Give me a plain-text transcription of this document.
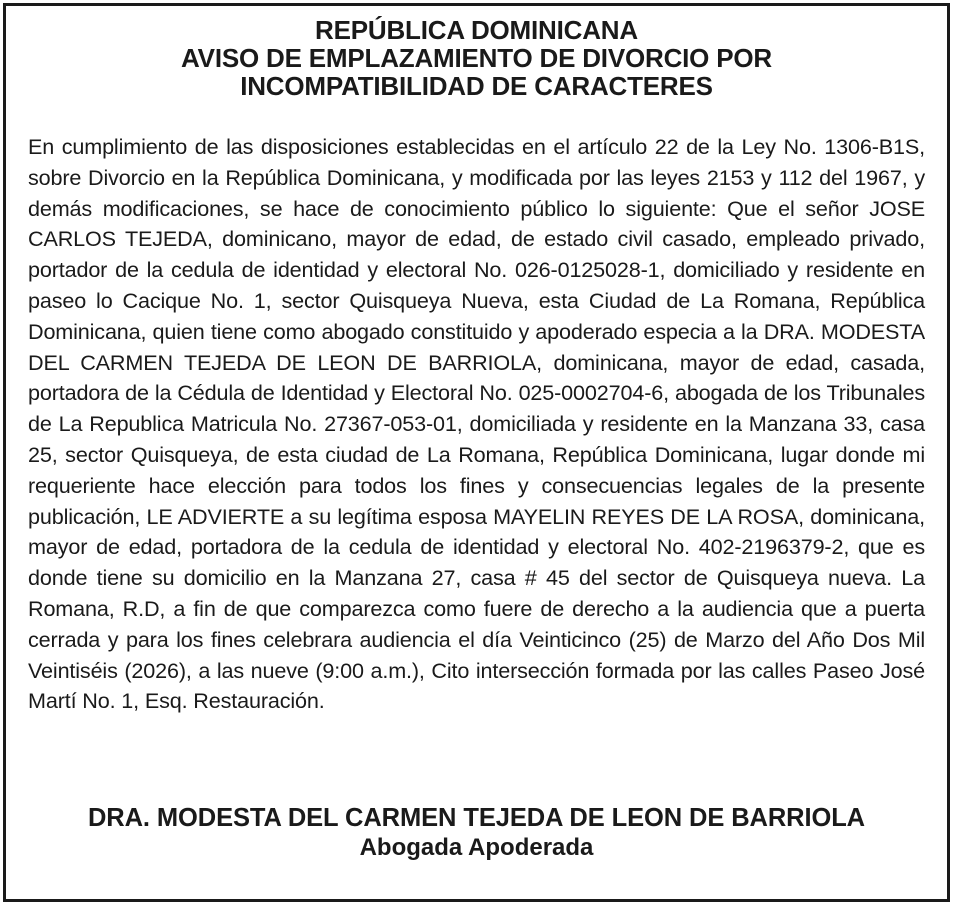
REPÚBLICA DOMINICANA
AVISO DE EMPLAZAMIENTO DE DIVORCIO POR
INCOMPATIBILIDAD DE CARACTERES
En cumplimiento de las disposiciones establecidas en el artículo 22 de la Ley No. 1306-B1S, sobre Divorcio en la República Dominicana, y modificada por las leyes 2153 y 112 del 1967, y demás modificaciones, se hace de conocimiento público lo siguiente: Que el señor JOSE CARLOS TEJEDA, dominicano, mayor de edad, de estado civil casado, empleado privado, portador de la cedula de identidad y electoral No. 026-0125028-1, domiciliado y residente en paseo lo Cacique No. 1, sector Quisqueya Nueva, esta Ciudad de La Romana, República Dominicana, quien tiene como abogado constituido y apoderado especia a la DRA. MODESTA DEL CARMEN TEJEDA DE LEON DE BARRIOLA, dominicana, mayor de edad, casada, portadora de la Cédula de Identidad y Electoral No. 025-0002704-6, abogada de los Tribunales de La Republica Matricula No. 27367-053-01, domiciliada y residente en la Manzana 33, casa 25, sector Quisqueya, de esta ciudad de La Romana, República Dominicana, lugar donde mi requeriente hace elección para todos los fines y consecuencias legales de la presente publicación, LE ADVIERTE a su legítima esposa MAYELIN REYES DE LA ROSA, dominicana, mayor de edad, portadora de la cedula de identidad y electoral No. 402-2196379-2, que es donde tiene su domicilio en la Manzana 27, casa # 45 del sector de Quisqueya nueva. La Romana, R.D, a fin de que comparezca como fuere de derecho a la audiencia que a puerta cerrada y para los fines celebrara audiencia el día Veinticinco (25) de Marzo del Año Dos Mil Veintiséis (2026), a las nueve (9:00 a.m.), Cito intersección formada por las calles Paseo José Martí No. 1, Esq. Restauración.
DRA. MODESTA DEL CARMEN TEJEDA DE LEON DE BARRIOLA
Abogada Apoderada
